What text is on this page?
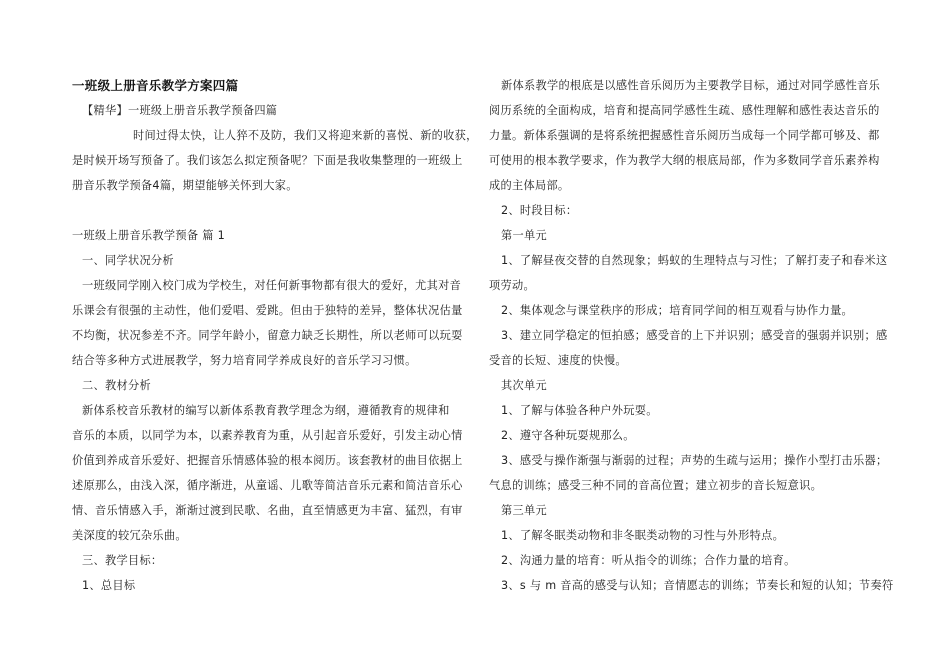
一班级上册音乐教学方案四篇
【精华】一班级上册音乐教学预备四篇
时间过得太快，让人猝不及防，我们又将迎来新的喜悦、新的收获，
是时候开场写预备了。我们该怎么拟定预备呢？下面是我收集整理的一班级上
册音乐教学预备4篇，期望能够关怀到大家。
一班级上册音乐教学预备 篇 1
一、同学状况分析
一班级同学刚入校门成为学校生，对任何新事物都有很大的爱好，尤其对音
乐课会有很强的主动性，他们爱唱、爱跳。但由于独特的差异，整体状况估量
不均衡，状况参差不齐。同学年龄小，留意力缺乏长期性，所以老师可以玩耍
结合等多种方式进展教学，努力培育同学养成良好的音乐学习习惯。
二、教材分析
新体系校音乐教材的编写以新体系教育教学理念为纲，遵循教育的规律和
音乐的本质，以同学为本，以素养教育为重，从引起音乐爱好，引发主动心情
价值到养成音乐爱好、把握音乐情感体验的根本阅历。该套教材的曲目依据上
述原那么，由浅入深，循序渐进，从童谣、儿歌等简洁音乐元素和简洁音乐心
情、音乐情感入手，渐渐过渡到民歌、名曲，直至情感更为丰富、猛烈，有审
美深度的较冗杂乐曲。
三、教学目标：
1、总目标
新体系教学的根底是以感性音乐阅历为主要教学目标，通过对同学感性音乐
阅历系统的全面构成，培育和提高同学感性生疏、感性理解和感性表达音乐的
力量。新体系强调的是将系统把握感性音乐阅历当成每一个同学都可够及、都
可使用的根本教学要求，作为教学大纲的根底局部，作为多数同学音乐素养构
成的主体局部。
2、时段目标：
第一单元
1、了解昼夜交替的自然现象；蚂蚁的生理特点与习性；了解打麦子和春米这
项劳动。
2、集体观念与课堂秩序的形成；培育同学间的相互观看与协作力量。
3、建立同学稳定的恒拍感；感受音的上下并识别；感受音的强弱并识别；感
受音的长短、速度的快慢。
其次单元
1、了解与体验各种户外玩耍。
2、遵守各种玩耍规那么。
3、感受与操作渐强与渐弱的过程；声势的生疏与运用；操作小型打击乐器；
气息的训练；感受三种不同的音高位置；建立初步的音长短意识。
第三单元
1、了解冬眠类动物和非冬眠类动物的习性与外形特点。
2、沟通力量的培育：听从指令的训练；合作力量的培育。
3、s 与 m 音高的感受与认知；音情愿志的训练；节奏长和短的认知；节奏符
